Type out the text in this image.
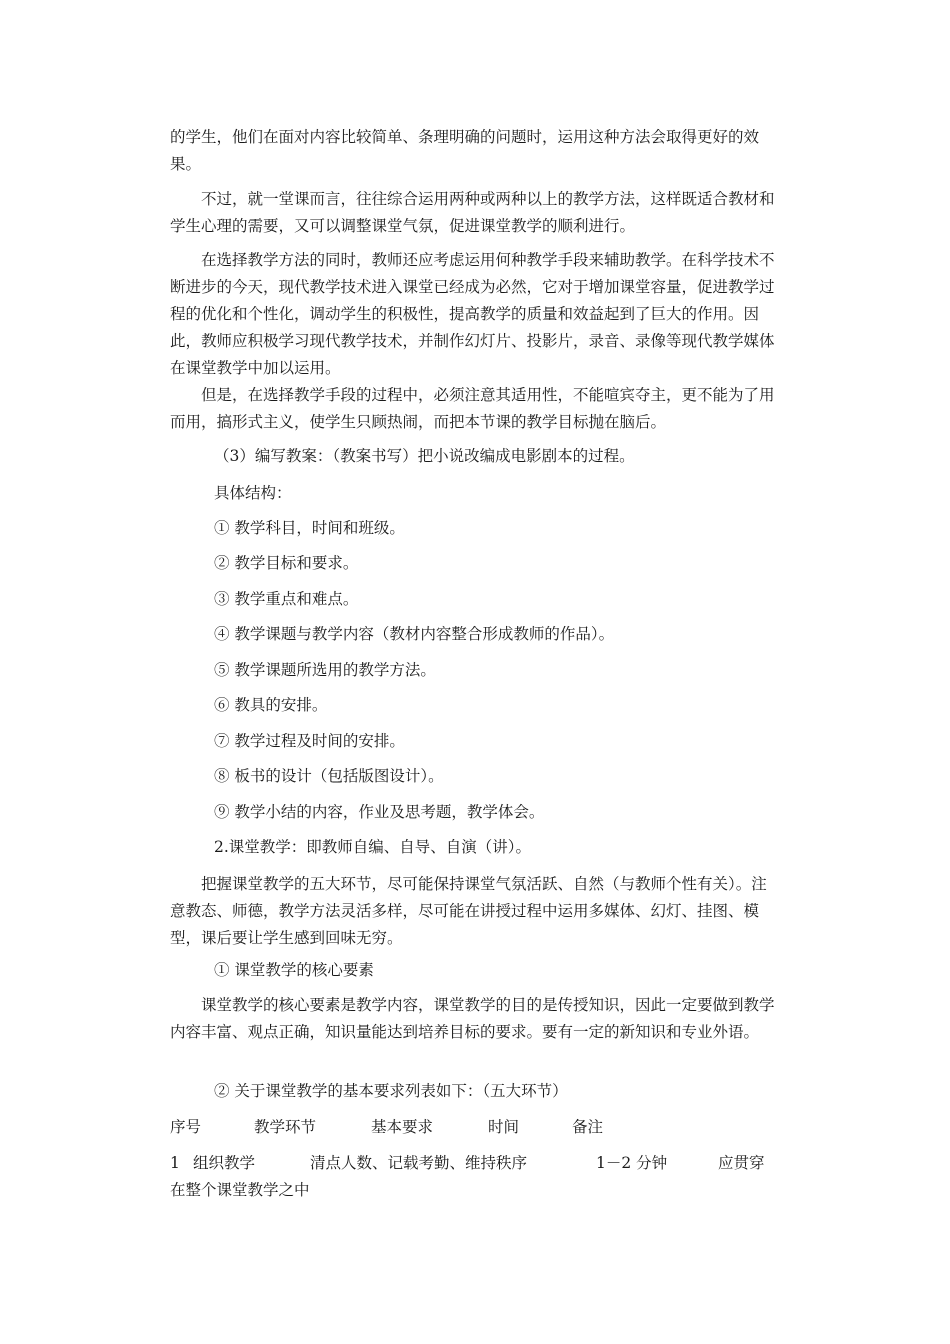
的学生，他们在面对内容比较简单、条理明确的问题时，运用这种方法会取得更好的效果。

不过，就一堂课而言，往往综合运用两种或两种以上的教学方法，这样既适合教材和学生心理的需要，又可以调整课堂气氛，促进课堂教学的顺利进行。

在选择教学方法的同时，教师还应考虑运用何种教学手段来辅助教学。在科学技术不断进步的今天，现代教学技术进入课堂已经成为必然，它对于增加课堂容量，促进教学过程的优化和个性化，调动学生的积极性，提高教学的质量和效益起到了巨大的作用。因此，教师应积极学习现代教学技术，并制作幻灯片、投影片，录音、录像等现代教学媒体在课堂教学中加以运用。

但是，在选择教学手段的过程中，必须注意其适用性，不能喧宾夺主，更不能为了用而用，搞形式主义，使学生只顾热闹，而把本节课的教学目标抛在脑后。

（3）编写教案：（教案书写）把小说改编成电影剧本的过程。

具体结构：

① 教学科目，时间和班级。

② 教学目标和要求。

③ 教学重点和难点。

④ 教学课题与教学内容（教材内容整合形成教师的作品）。

⑤ 教学课题所选用的教学方法。

⑥ 教具的安排。

⑦ 教学过程及时间的安排。

⑧ 板书的设计（包括版图设计）。

⑨ 教学小结的内容，作业及思考题，教学体会。

2.课堂教学：即教师自编、自导、自演（讲）。

把握课堂教学的五大环节，尽可能保持课堂气氛活跃、自然（与教师个性有关）。注意教态、师德，教学方法灵活多样，尽可能在讲授过程中运用多媒体、幻灯、挂图、模型，课后要让学生感到回味无穷。

① 课堂教学的核心要素

课堂教学的核心要素是教学内容，课堂教学的目的是传授知识，因此一定要做到教学内容丰富、观点正确，知识量能达到培养目标的要求。要有一定的新知识和专业外语。

② 关于课堂教学的基本要求列表如下：（五大环节）

序号	教学环节	基本要求	时间	备注
1 组织教学	清点人数、记载考勤、维持秩序	1－2 分钟	应贯穿
在整个课堂教学之中
